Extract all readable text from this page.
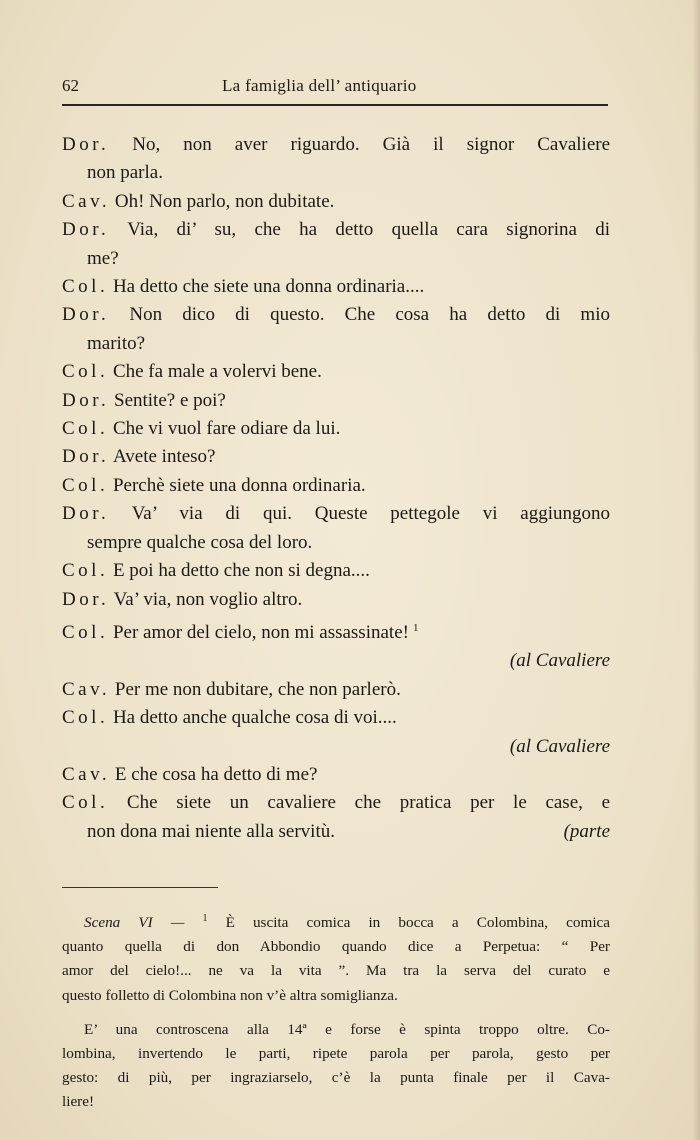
62	La famiglia dell’ antiquario
Dor. No, non aver riguardo. Già il signor Cavaliere
non parla.
Cav. Oh! Non parlo, non dubitate.
Dor. Via, di’ su, che ha detto quella cara signorina di
me?
Col. Ha detto che siete una donna ordinaria....
Dor. Non dico di questo. Che cosa ha detto di mio
marito?
Col. Che fa male a volervi bene.
Dor. Sentite? e poi?
Col. Che vi vuol fare odiare da lui.
Dor. Avete inteso?
Col. Perchè siete una donna ordinaria.
Dor. Va’ via di qui. Queste pettegole vi aggiungono
sempre qualche cosa del loro.
Col. E poi ha detto che non si degna....
Dor. Va’ via, non voglio altro.
Col. Per amor del cielo, non mi assassinate! $^1$
(al Cavaliere
Cav. Per me non dubitare, che non parlerò.
Col. Ha detto anche qualche cosa di voi....
(al Cavaliere
Cav. E che cosa ha detto di me?
Col. Che siete un cavaliere che pratica per le case, e
non dona mai niente alla servitù.	(parte
Scena VI — $^1$ È uscita comica in bocca a Colombina, comica
quanto quella di don Abbondio quando dice a Perpetua: “ Per
amor del cielo!... ne va la vita ”. Ma tra la serva del curato e
questo folletto di Colombina non v’è altra somiglianza.
E’ una controscena alla 14ª e forse è spinta troppo oltre. Co-
lombina, invertendo le parti, ripete parola per parola, gesto per
gesto: di più, per ingraziarselo, c’è la punta finale per il Cava-
liere!
